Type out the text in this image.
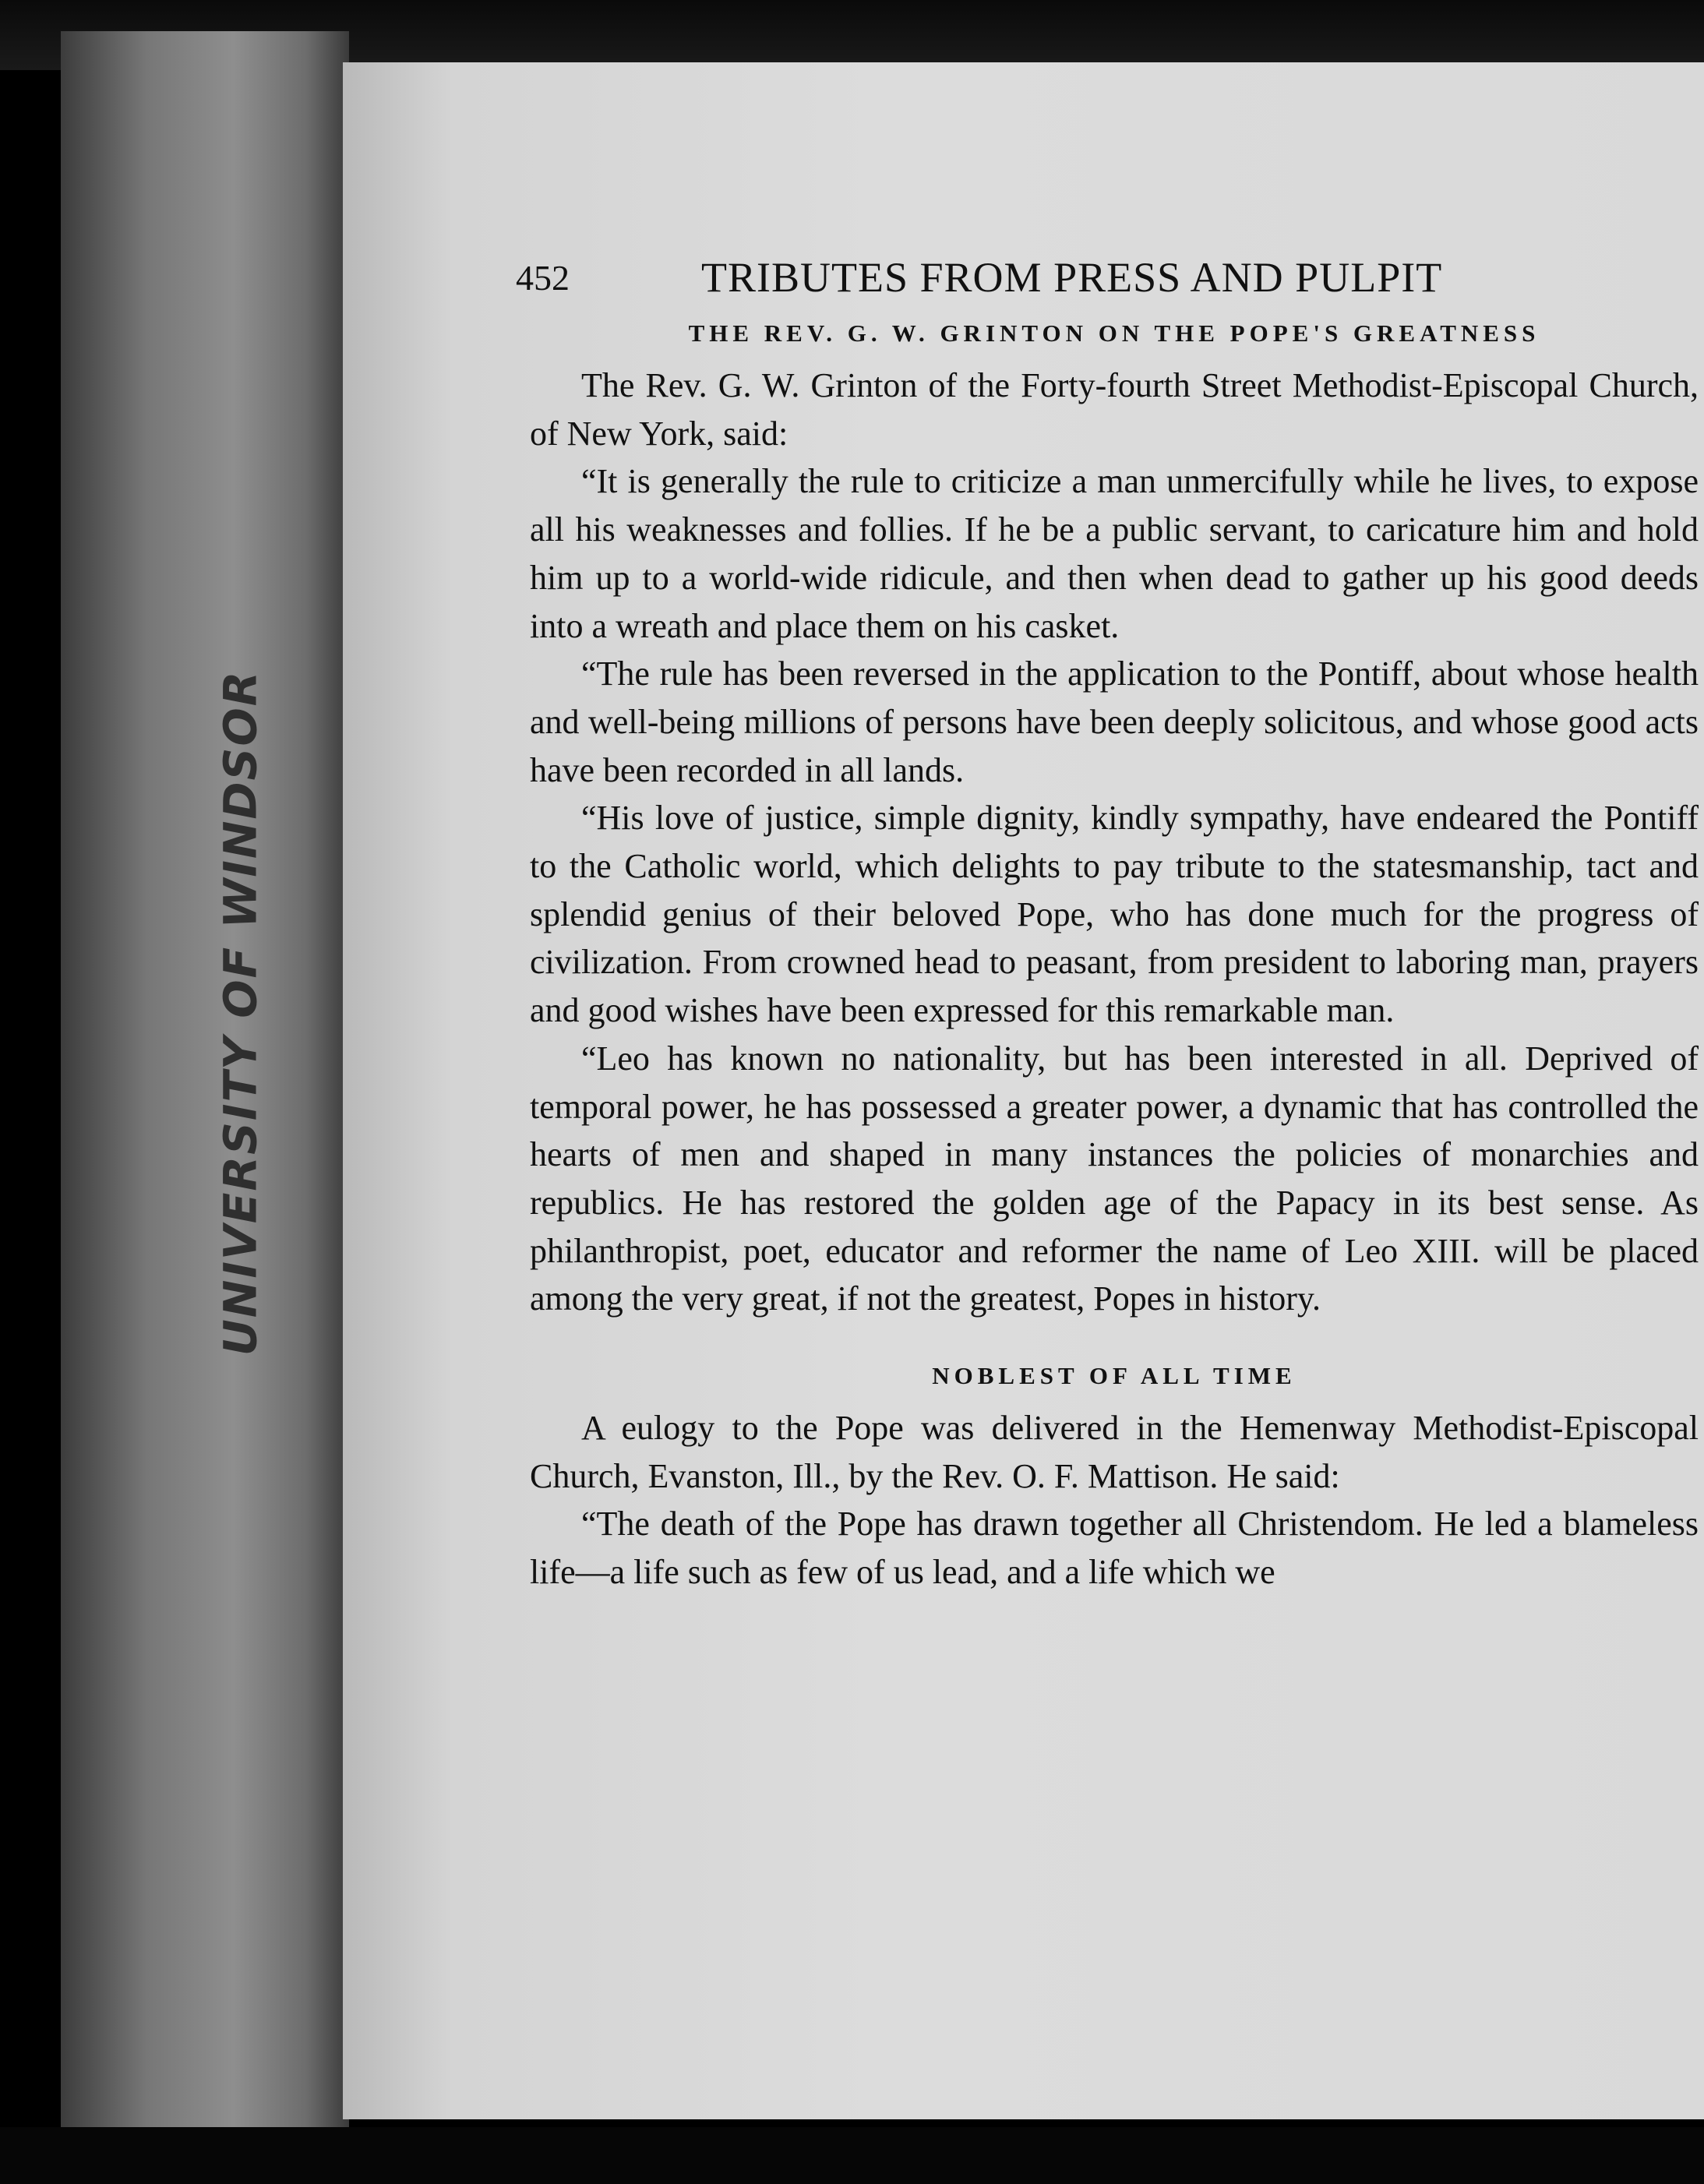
UNIVERSITY OF WINDSOR
452	TRIBUTES FROM PRESS AND PULPIT
THE REV. G. W. GRINTON ON THE POPE'S GREATNESS

The Rev. G. W. Grinton of the Forty-fourth Street Methodist-Episcopal Church, of New York, said:

“It is generally the rule to criticize a man unmercifully while he lives, to expose all his weaknesses and follies. If he be a public servant, to caricature him and hold him up to a world-wide ridicule, and then when dead to gather up his good deeds into a wreath and place them on his casket.

“The rule has been reversed in the application to the Pontiff, about whose health and well-being millions of persons have been deeply solicitous, and whose good acts have been recorded in all lands.

“His love of justice, simple dignity, kindly sympathy, have endeared the Pontiff to the Catholic world, which delights to pay tribute to the statesmanship, tact and splendid genius of their beloved Pope, who has done much for the progress of civilization. From crowned head to peasant, from president to laboring man, prayers and good wishes have been expressed for this remarkable man.

“Leo has known no nationality, but has been interested in all. Deprived of temporal power, he has possessed a greater power, a dynamic that has controlled the hearts of men and shaped in many instances the policies of monarchies and republics. He has restored the golden age of the Papacy in its best sense. As philanthropist, poet, educator and reformer the name of Leo XIII. will be placed among the very great, if not the greatest, Popes in history.

NOBLEST OF ALL TIME

A eulogy to the Pope was delivered in the Hemenway Methodist-Episcopal Church, Evanston, Ill., by the Rev. O. F. Mattison. He said:

“The death of the Pope has drawn together all Christendom. He led a blameless life—a life such as few of us lead, and a life which we
